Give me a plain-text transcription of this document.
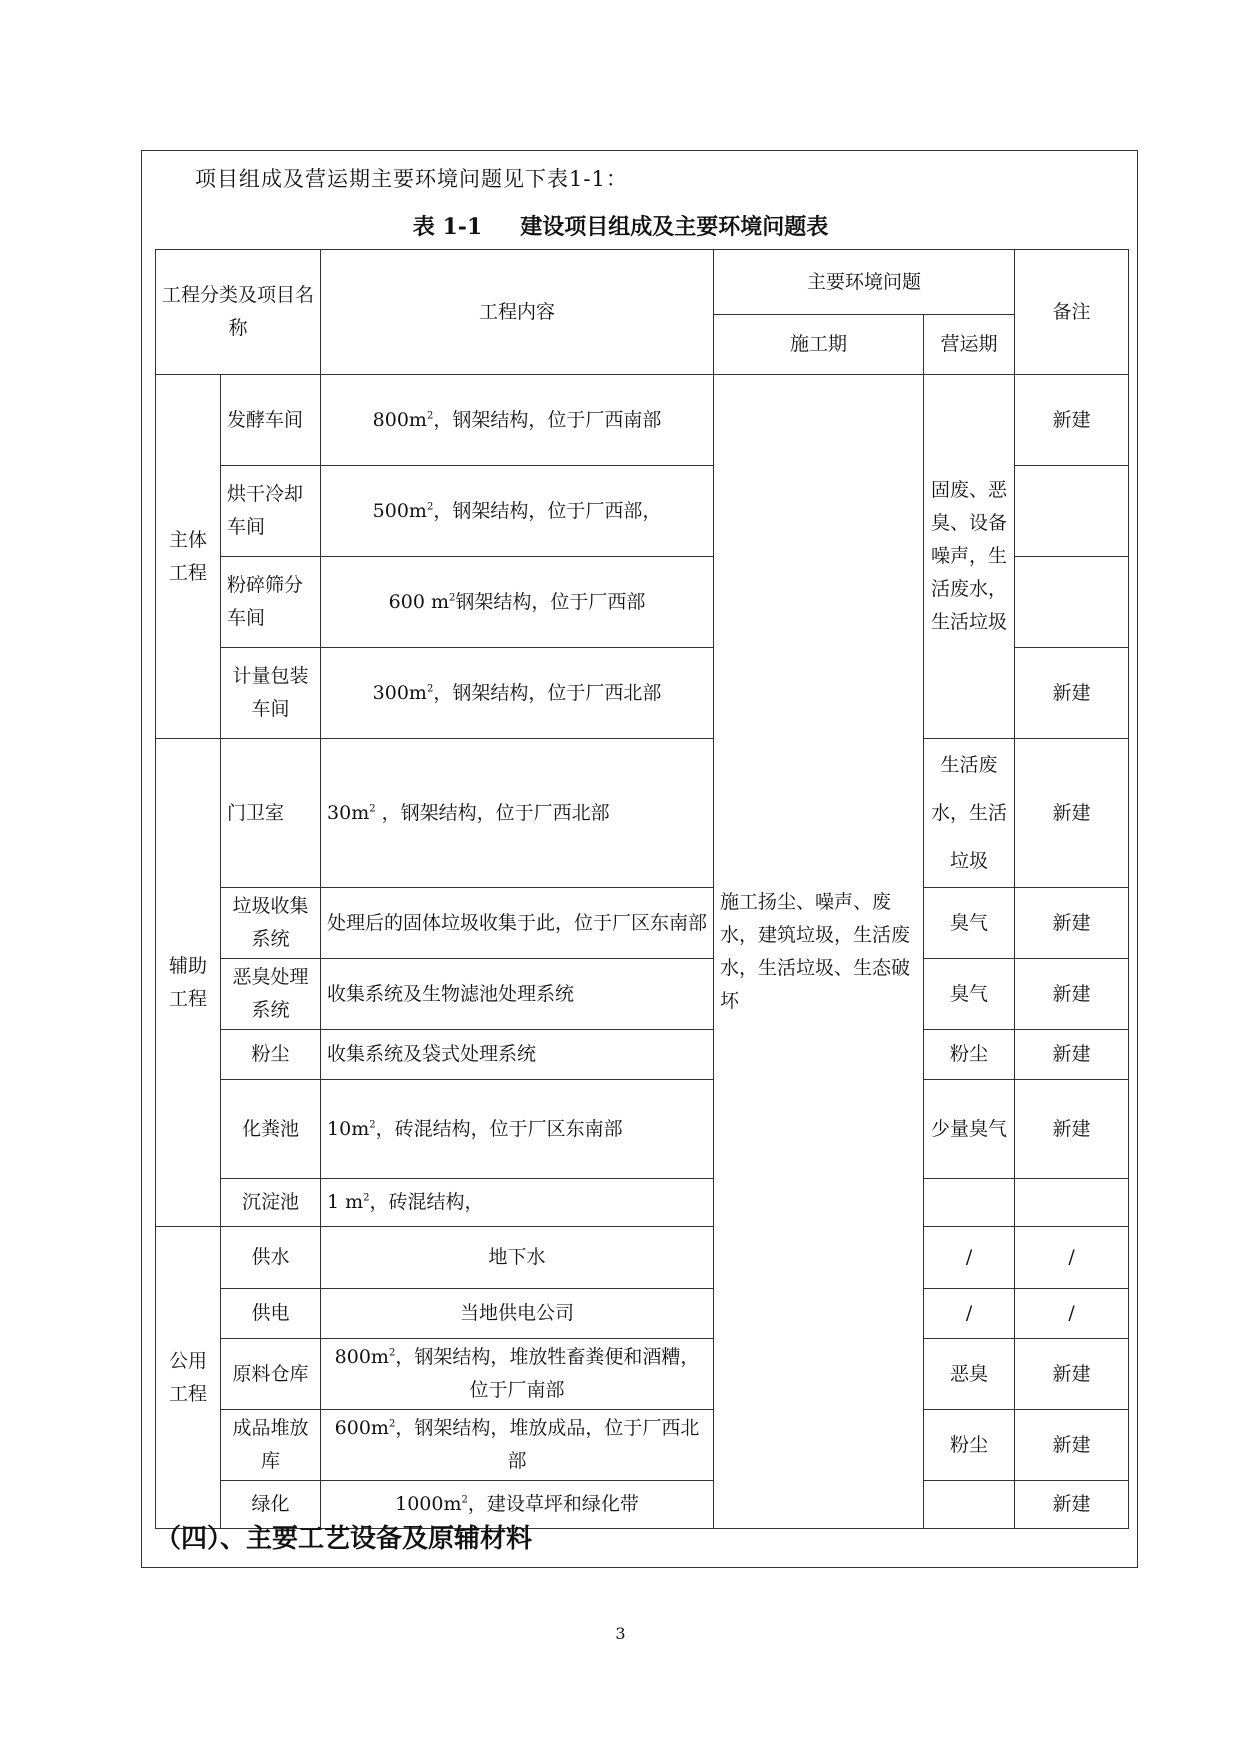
项目组成及营运期主要环境问题见下表1-1：
表 1-1 建设项目组成及主要环境问题表
工程分类及项目名称		工程内容	主要环境问题		备注
			施工期	营运期	
主体工程	发酵车间	$800m^2$，钢架结构，位于厂西南部	施工扬尘、噪声、废水，建筑垃圾，生活废水，生活垃圾、生态破坏	固废、恶臭、设备噪声，生活废水，生活垃圾	新建
	烘干冷却车间	$500m^2$，钢架结构，位于厂西部，			
	粉碎筛分车间	600 $m^2$钢架结构，位于厂西部			
	计量包装车间	$300m^2$，钢架结构，位于厂西北部			新建
辅助工程	门卫室	$30m^2$ ，钢架结构，位于厂西北部		生活废水，生活垃圾	新建
	垃圾收集系统	处理后的固体垃圾收集于此，位于厂区东南部		臭气	新建
	恶臭处理系统	收集系统及生物滤池处理系统		臭气	新建
	粉尘	收集系统及袋式处理系统		粉尘	新建
	化粪池	$10m^2$，砖混结构，位于厂区东南部		少量臭气	新建
	沉淀池	1 $m^2$，砖混结构，			
公用工程	供水	地下水		/	/
	供电	当地供电公司		/	/
	原料仓库	$800m^2$，钢架结构，堆放牲畜粪便和酒糟，位于厂南部		恶臭	新建
	成品堆放库	$600m^2$，钢架结构，堆放成品，位于厂西北部		粉尘	新建
	绿化	$1000m^2$，建设草坪和绿化带			新建
（四）、主要工艺设备及原辅材料
3
